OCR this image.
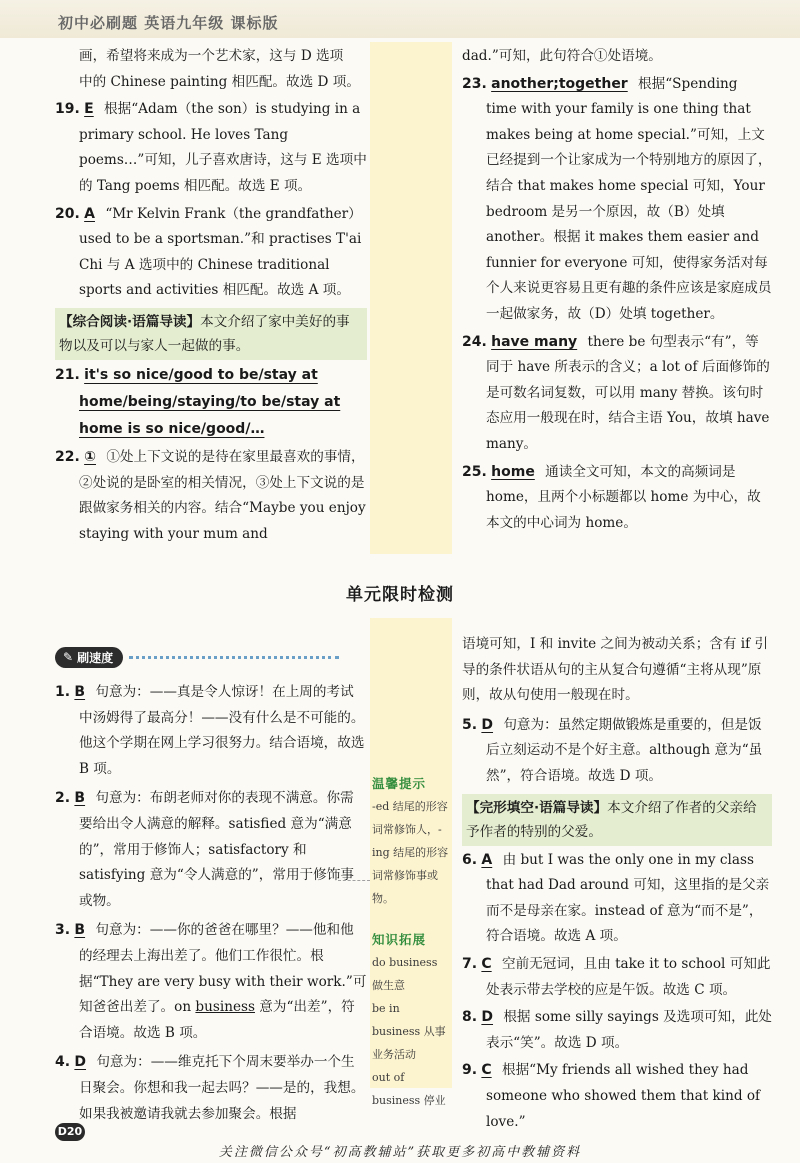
初中必刷题 英语九年级 课标版
画，希望将来成为一个艺术家，这与 D 选项
中的 Chinese painting 相匹配。故选 D 项。
19. E 根据“Adam（the son）is studying in a primary school. He loves Tang poems…”可知，儿子喜欢唐诗，这与 E 选项中的 Tang poems 相匹配。故选 E 项。
20. A “Mr Kelvin Frank（the grandfather）used to be a sportsman.”和 practises T'ai Chi 与 A 选项中的 Chinese traditional sports and activities 相匹配。故选 A 项。
【综合阅读·语篇导读】本文介绍了家中美好的事物以及可以与家人一起做的事。
21. it's so nice/good to be/stay at home/being/staying/to be/stay at home is so nice/good/…
22. ① ①处上下文说的是待在家里最喜欢的事情，②处说的是卧室的相关情况，③处上下文说的是跟做家务相关的内容。结合“Maybe you enjoy staying with your mum and
dad.”可知，此句符合①处语境。
23. another;together 根据“Spending time with your family is one thing that makes being at home special.”可知，上文已经提到一个让家成为一个特别地方的原因了，结合 that makes home special 可知，Your bedroom 是另一个原因，故（B）处填 another。根据 it makes them easier and funnier for everyone 可知，使得家务活对每个人来说更容易且更有趣的条件应该是家庭成员一起做家务，故（D）处填 together。
24. have many there be 句型表示“有”，等同于 have 所表示的含义；a lot of 后面修饰的是可数名词复数，可以用 many 替换。该句时态应用一般现在时，结合主语 You，故填 have many。
25. home 通读全文可知，本文的高频词是 home，且两个小标题都以 home 为中心，故本文的中心词为 home。
单元限时检测
✎ 刷速度
1. B 句意为：——真是令人惊讶！在上周的考试中汤姆得了最高分！——没有什么是不可能的。他这个学期在网上学习很努力。结合语境，故选 B 项。
2. B 句意为：布朗老师对你的表现不满意。你需要给出令人满意的解释。satisfied 意为“满意的”，常用于修饰人；satisfactory 和 satisfying 意为“令人满意的”，常用于修饰事或物。
3. B 句意为：——你的爸爸在哪里？——他和他的经理去上海出差了。他们工作很忙。根据“They are very busy with their work.”可知爸爸出差了。on business 意为“出差”，符合语境。故选 B 项。
4. D 句意为：——维克托下个周末要举办一个生日聚会。你想和我一起去吗？——是的，我想。如果我被邀请我就去参加聚会。根据
温馨提示
-ed 结尾的形容词常修饰人，-ing 结尾的形容词常修饰事或物。
知识拓展
do business 做生意
be in business 从事业务活动
out of business 停业
语境可知，I 和 invite 之间为被动关系；含有 if 引导的条件状语从句的主从复合句遵循“主将从现”原则，故从句使用一般现在时。
5. D 句意为：虽然定期做锻炼是重要的，但是饭后立刻运动不是个好主意。although 意为“虽然”，符合语境。故选 D 项。
【完形填空·语篇导读】本文介绍了作者的父亲给予作者的特别的父爱。
6. A 由 but I was the only one in my class that had Dad around 可知，这里指的是父亲而不是母亲在家。instead of 意为“而不是”，符合语境。故选 A 项。
7. C 空前无冠词，且由 take it to school 可知此处表示带去学校的应是午饭。故选 C 项。
8. D 根据 some silly sayings 及选项可知，此处表示“笑”。故选 D 项。
9. C 根据“My friends all wished they had someone who showed them that kind of love.”
D20
关注微信公众号“初高教辅站”获取更多初高中教辅资料
